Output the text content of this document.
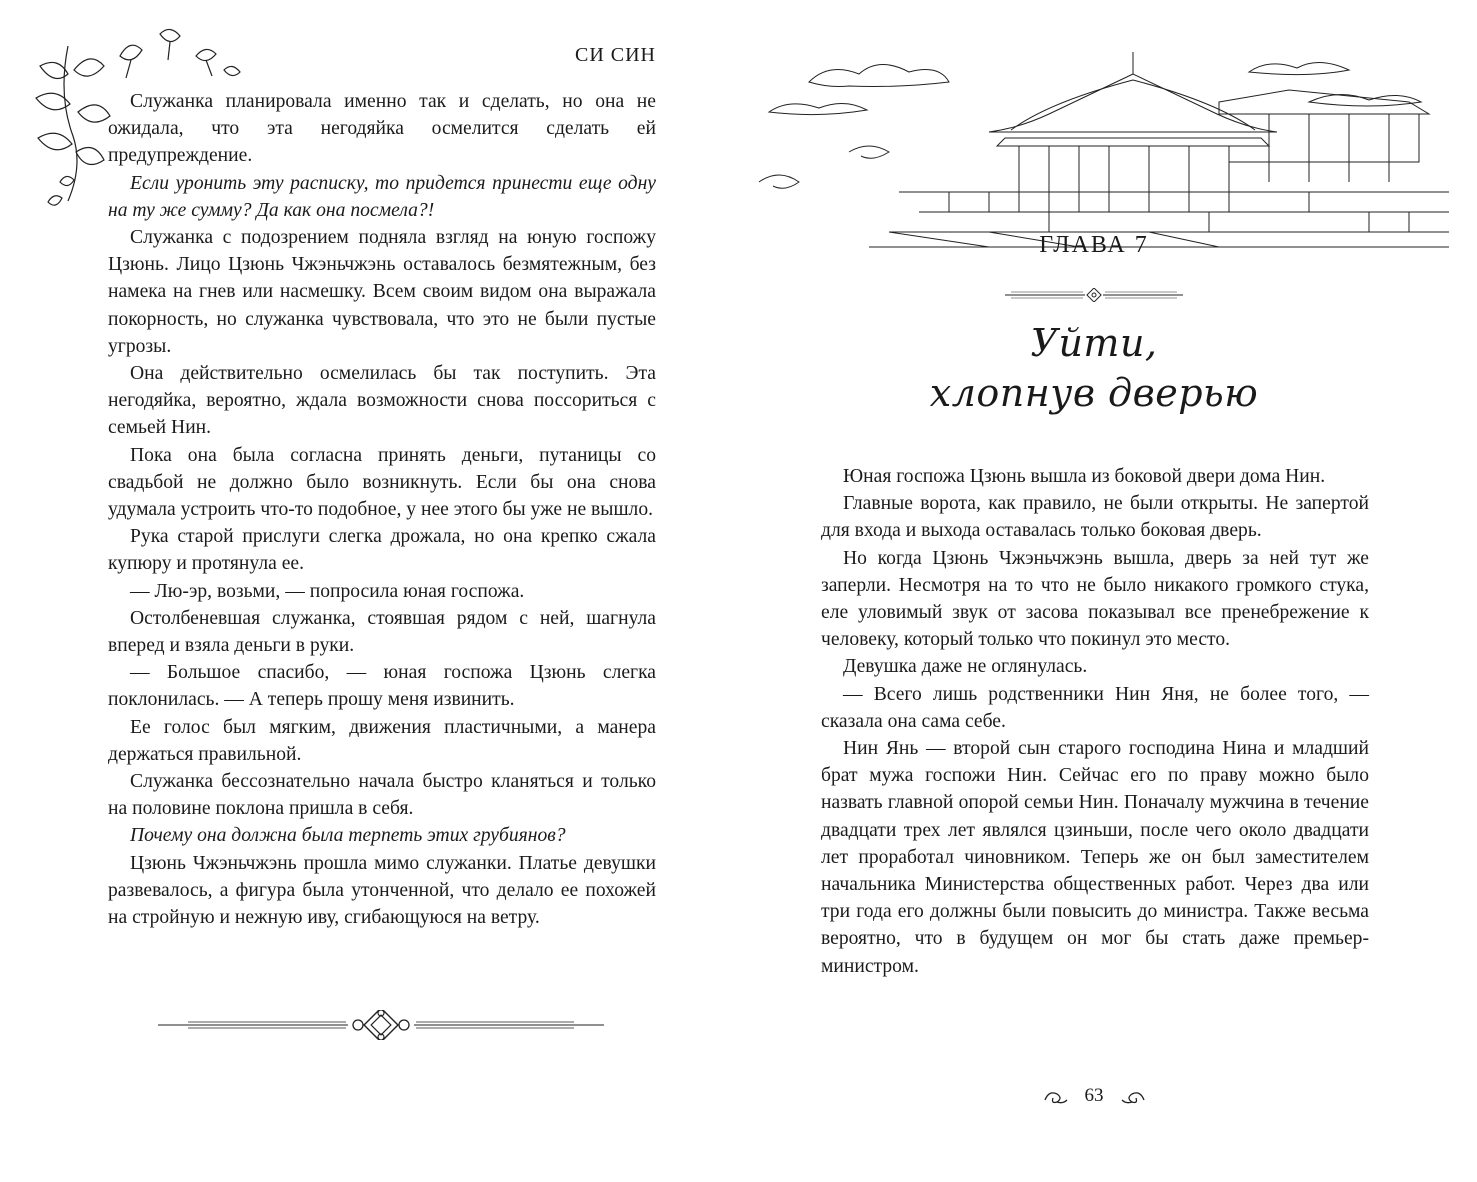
СИ СИН

Служанка планировала именно так и сделать, но она не ожидала, что эта негодяйка осмелится сделать ей предупреждение.

Если уронить эту расписку, то придется принести еще одну на ту же сумму? Да как она посмела?!

Служанка с подозрением подняла взгляд на юную госпожу Цзюнь. Лицо Цзюнь Чжэньчжэнь оставалось безмятежным, без намека на гнев или насмешку. Всем своим видом она выражала покорность, но служанка чувствовала, что это не были пустые угрозы.

Она действительно осмелилась бы так поступить. Эта негодяйка, вероятно, ждала возможности снова поссориться с семьей Нин.

Пока она была согласна принять деньги, путаницы со свадьбой не должно было возникнуть. Если бы она снова удумала устроить что-то подобное, у нее этого бы уже не вышло.

Рука старой прислуги слегка дрожала, но она крепко сжала купюру и протянула ее.

— Лю-эр, возьми, — попросила юная госпожа.

Остолбеневшая служанка, стоявшая рядом с ней, шагнула вперед и взяла деньги в руки.

— Большое спасибо, — юная госпожа Цзюнь слегка поклонилась. — А теперь прошу меня извинить.

Ее голос был мягким, движения пластичными, а манера держаться правильной.

Служанка бессознательно начала быстро кланяться и только на половине поклона пришла в себя.

Почему она должна была терпеть этих грубиянов?

Цзюнь Чжэньчжэнь прошла мимо служанки. Платье девушки развевалось, а фигура была утонченной, что делало ее похожей на стройную и нежную иву, сгибающуюся на ветру.

ГЛАВА 7
Уйти,
хлопнув дверью

Юная госпожа Цзюнь вышла из боковой двери дома Нин.

Главные ворота, как правило, не были открыты. Не запертой для входа и выхода оставалась только боковая дверь.

Но когда Цзюнь Чжэньчжэнь вышла, дверь за ней тут же заперли. Несмотря на то что не было никакого громкого стука, еле уловимый звук от засова показывал все пренебрежение к человеку, который только что покинул это место.

Девушка даже не оглянулась.

— Всего лишь родственники Нин Яня, не более того, — сказала она сама себе.

Нин Янь — второй сын старого господина Нина и младший брат мужа госпожи Нин. Сейчас его по праву можно было назвать главной опорой семьи Нин. Поначалу мужчина в течение двадцати трех лет являлся цзиньши, после чего около двадцати лет проработал чиновником. Теперь же он был заместителем начальника Министерства общественных работ. Через два или три года его должны были повысить до министра. Также весьма вероятно, что в будущем он мог бы стать даже премьер-министром.

63
